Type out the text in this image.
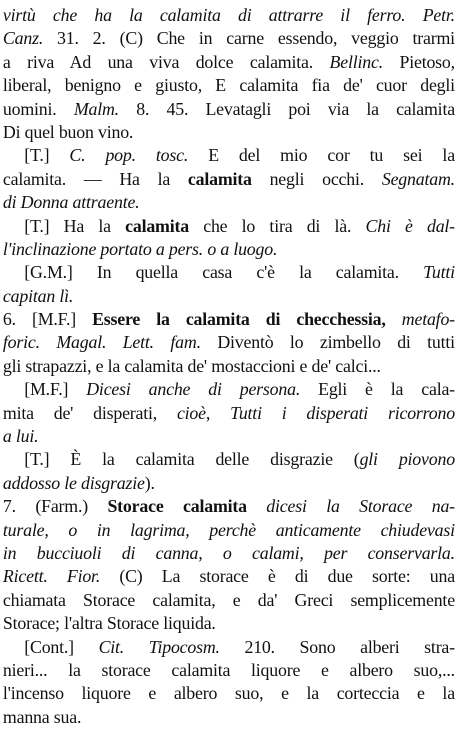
virtù che ha la calamita di attrarre il ferro. Petr.
Canz. 31. 2. (C) Che in carne essendo, veggio trarmi
a riva Ad una viva dolce calamita. Bellinc. Pietoso,
liberal, benigno e giusto, E calamita fia de' cuor degli
uomini. Malm. 8. 45. Levatagli poi via la calamita
Di quel buon vino.
[T.] C. pop. tosc. E del mio cor tu sei la
calamita. — Ha la calamita negli occhi. Segnatam.
di Donna attraente.
[T.] Ha la calamita che lo tira di là. Chi è dal-
l'inclinazione portato a pers. o a luogo.
[G.M.] In quella casa c'è la calamita. Tutti
capitan lì.
6. [M.F.] Essere la calamita di checchessia, metafo-
foric. Magal. Lett. fam. Diventò lo zimbello di tutti
gli strapazzi, e la calamita de' mostaccioni e de' calci...
[M.F.] Dicesi anche di persona. Egli è la cala-
mita de' disperati, cioè, Tutti i disperati ricorrono
a lui.
[T.] È la calamita delle disgrazie (gli piovono
addosso le disgrazie).
7. (Farm.) Storace calamita dicesi la Storace na-
turale, o in lagrima, perchè anticamente chiudevasi
in bucciuoli di canna, o calami, per conservarla.
Ricett. Fior. (C) La storace è di due sorte: una
chiamata Storace calamita, e da' Greci semplicemente
Storace; l'altra Storace liquida.
[Cont.] Cit. Tipocosm. 210. Sono alberi stra-
nieri... la storace calamita liquore e albero suo,...
l'incenso liquore e albero suo, e la corteccia e la
manna sua.
